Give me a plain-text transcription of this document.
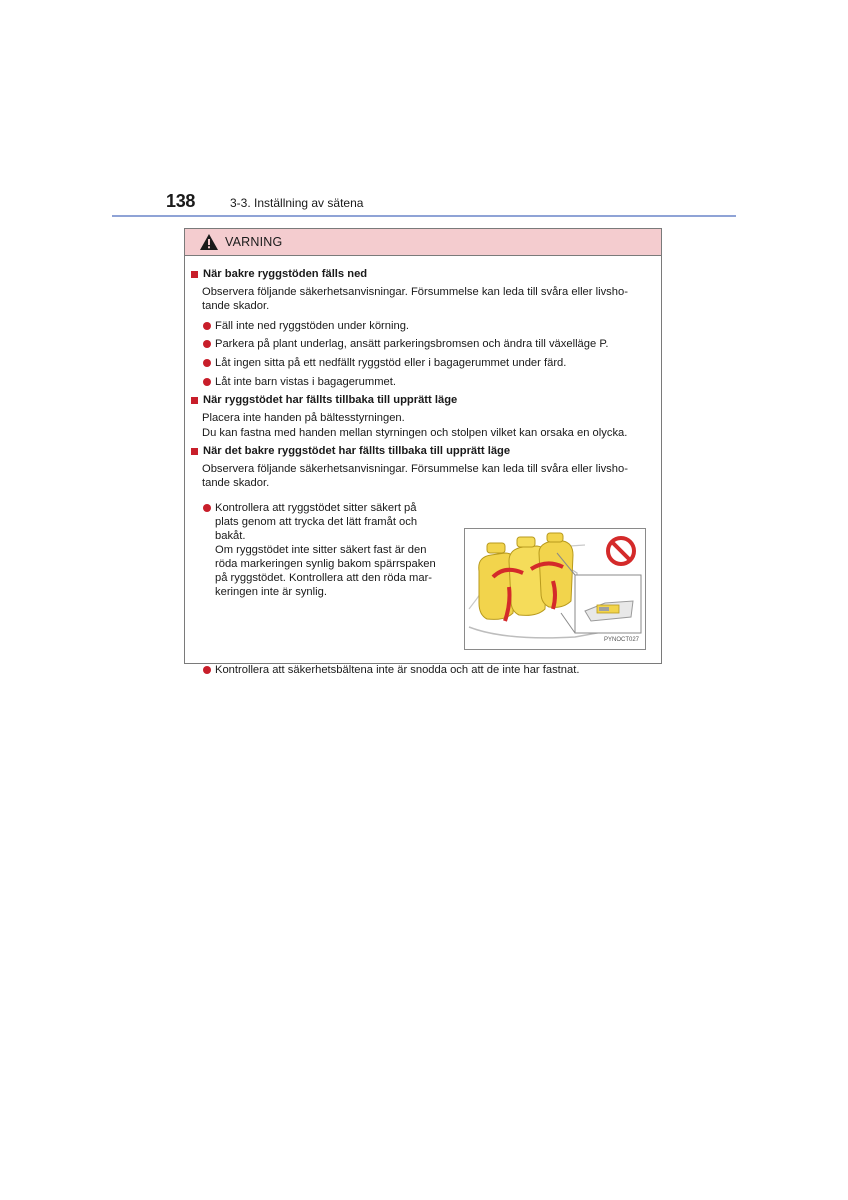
138	3-3. Inställning av sätena
VARNING
När bakre ryggstöden fälls ned
Observera följande säkerhetsanvisningar. Försummelse kan leda till svåra eller livsho-
tande skador.
Fäll inte ned ryggstöden under körning.
Parkera på plant underlag, ansätt parkeringsbromsen och ändra till växelläge P.
Låt ingen sitta på ett nedfällt ryggstöd eller i bagagerummet under färd.
Låt inte barn vistas i bagagerummet.
När ryggstödet har fällts tillbaka till upprätt läge
Placera inte handen på bältesstyrningen.
Du kan fastna med handen mellan styrningen och stolpen vilket kan orsaka en olycka.
När det bakre ryggstödet har fällts tillbaka till upprätt läge
Observera följande säkerhetsanvisningar. Försummelse kan leda till svåra eller livsho-
tande skador.
Kontrollera att ryggstödet sitter säkert på
plats genom att trycka det lätt framåt och
bakåt.
Om ryggstödet inte sitter säkert fast är den
röda markeringen synlig bakom spärrspaken
på ryggstödet. Kontrollera att den röda mar-
keringen inte är synlig.
PYNOCT027
Kontrollera att säkerhetsbältena inte är snodda och att de inte har fastnat.
